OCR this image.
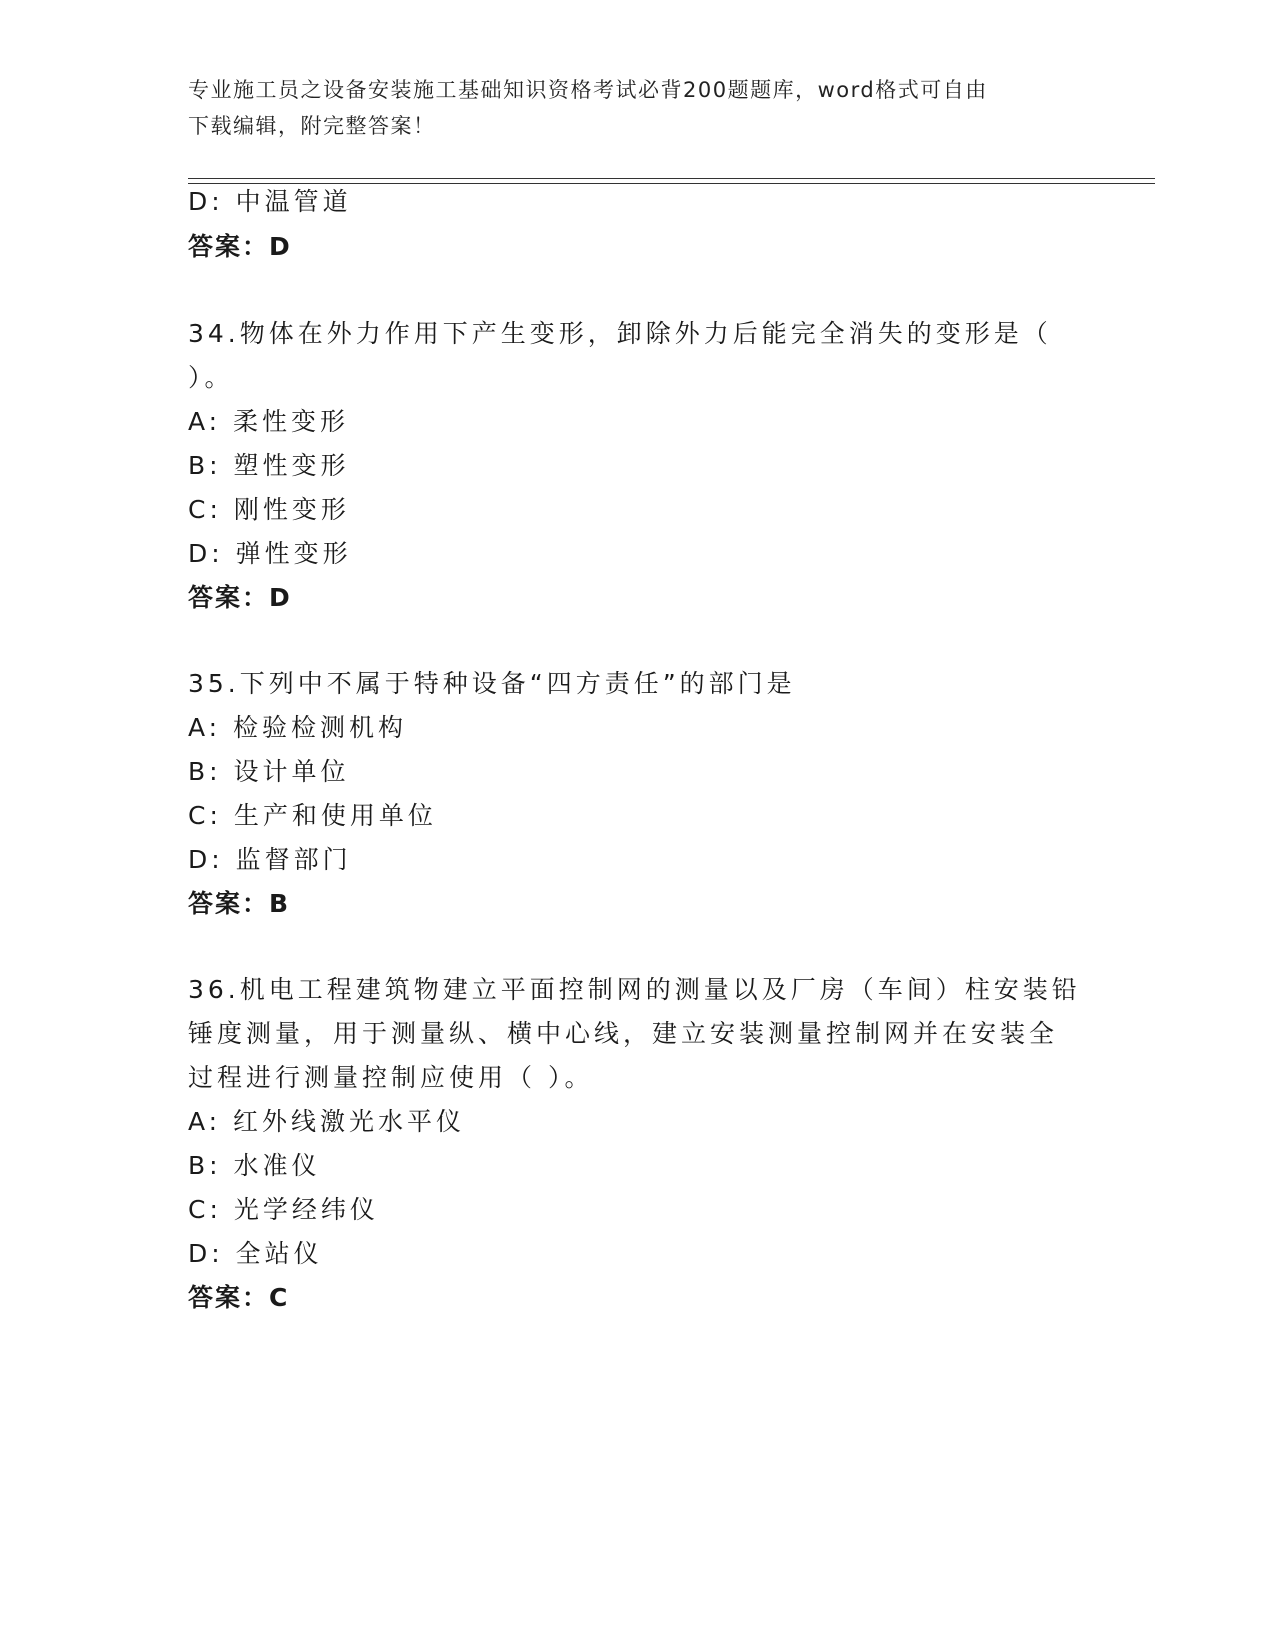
专业施工员之设备安装施工基础知识资格考试必背200题题库，word格式可自由
下载编辑，附完整答案！
D: 中温管道
答案：D
34.物体在外力作用下产生变形，卸除外力后能完全消失的变形是（
）。
A: 柔性变形
B: 塑性变形
C: 刚性变形
D: 弹性变形
答案：D
35.下列中不属于特种设备“四方责任”的部门是
A: 检验检测机构
B: 设计单位
C: 生产和使用单位
D: 监督部门
答案：B
36.机电工程建筑物建立平面控制网的测量以及厂房（车间）柱安装铅
锤度测量，用于测量纵、横中心线，建立安装测量控制网并在安装全
过程进行测量控制应使用（ ）。
A: 红外线激光水平仪
B: 水准仪
C: 光学经纬仪
D: 全站仪
答案：C
